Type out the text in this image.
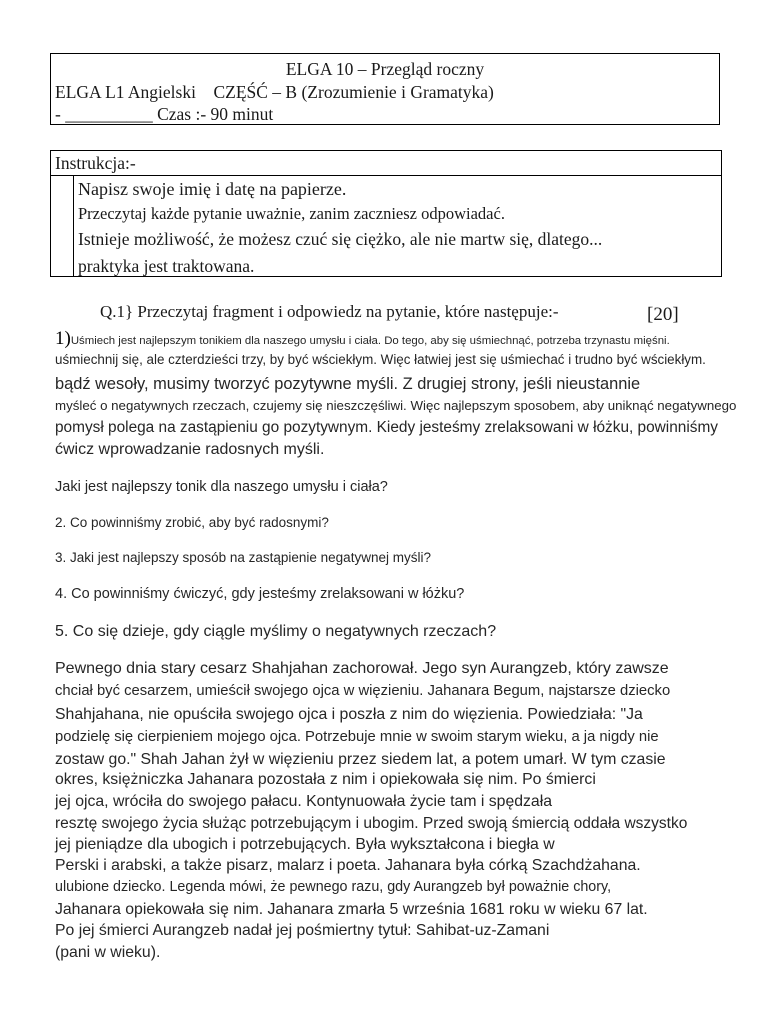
ELGA 10 – Przegląd roczny
ELGA L1 Angielski    CZĘŚĆ – B (Zrozumienie i Gramatyka)
- __________ Czas :- 90 minut
Instrukcja:-
Napisz swoje imię i datę na papierze.
Przeczytaj każde pytanie uważnie, zanim zaczniesz odpowiadać.
Istnieje możliwość, że możesz czuć się ciężko, ale nie martw się, dlatego...
praktyka jest traktowana.
Q.1} Przeczytaj fragment i odpowiedz na pytanie, które następuje:-	[20]
1)Uśmiech jest najlepszym tonikiem dla naszego umysłu i ciała. Do tego, aby się uśmiechnąć, potrzeba trzynastu mięśni.
uśmiechnij się, ale czterdzieści trzy, by być wściekłym. Więc łatwiej jest się uśmiechać i trudno być wściekłym.
bądź wesoły, musimy tworzyć pozytywne myśli. Z drugiej strony, jeśli nieustannie
myśleć o negatywnych rzeczach, czujemy się nieszczęśliwi. Więc najlepszym sposobem, aby uniknąć negatywnego
pomysł polega na zastąpieniu go pozytywnym. Kiedy jesteśmy zrelaksowani w łóżku, powinniśmy
ćwicz wprowadzanie radosnych myśli.
Jaki jest najlepszy tonik dla naszego umysłu i ciała?
2. Co powinniśmy zrobić, aby być radosnymi?
3. Jaki jest najlepszy sposób na zastąpienie negatywnej myśli?
4. Co powinniśmy ćwiczyć, gdy jesteśmy zrelaksowani w łóżku?
5. Co się dzieje, gdy ciągle myślimy o negatywnych rzeczach?
Pewnego dnia stary cesarz Shahjahan zachorował. Jego syn Aurangzeb, który zawsze
chciał być cesarzem, umieścił swojego ojca w więzieniu. Jahanara Begum, najstarsze dziecko
Shahjahana, nie opuściła swojego ojca i poszła z nim do więzienia. Powiedziała: "Ja
podzielę się cierpieniem mojego ojca. Potrzebuje mnie w swoim starym wieku, a ja nigdy nie
zostaw go." Shah Jahan żył w więzieniu przez siedem lat, a potem umarł. W tym czasie
okres, księżniczka Jahanara pozostała z nim i opiekowała się nim. Po śmierci
jej ojca, wróciła do swojego pałacu. Kontynuowała życie tam i spędzała
resztę swojego życia służąc potrzebującym i ubogim. Przed swoją śmiercią oddała wszystko
jej pieniądze dla ubogich i potrzebujących. Była wykształcona i biegła w
Perski i arabski, a także pisarz, malarz i poeta. Jahanara była córką Szachdżahana.
ulubione dziecko. Legenda mówi, że pewnego razu, gdy Aurangzeb był poważnie chory,
Jahanara opiekowała się nim. Jahanara zmarła 5 września 1681 roku w wieku 67 lat.
Po jej śmierci Aurangzeb nadał jej pośmiertny tytuł: Sahibat-uz-Zamani
(pani w wieku).
